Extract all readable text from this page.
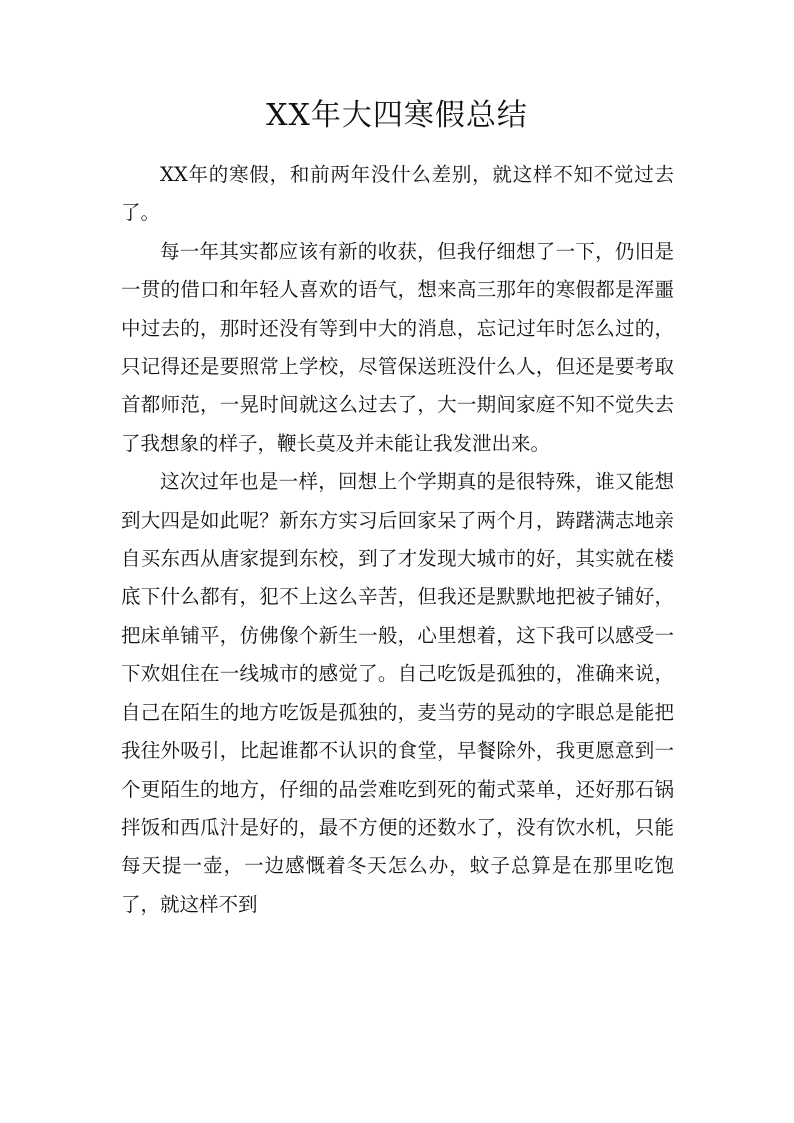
XX年大四寒假总结

XX年的寒假，和前两年没什么差别，就这样不知不觉过去了。

每一年其实都应该有新的收获，但我仔细想了一下，仍旧是一贯的借口和年轻人喜欢的语气，想来高三那年的寒假都是浑噩中过去的，那时还没有等到中大的消息，忘记过年时怎么过的，只记得还是要照常上学校，尽管保送班没什么人，但还是要考取首都师范，一晃时间就这么过去了，大一期间家庭不知不觉失去了我想象的样子，鞭长莫及并未能让我发泄出来。

这次过年也是一样，回想上个学期真的是很特殊，谁又能想到大四是如此呢？新东方实习后回家呆了两个月，踌躇满志地亲自买东西从唐家提到东校，到了才发现大城市的好，其实就在楼底下什么都有，犯不上这么辛苦，但我还是默默地把被子铺好，把床单铺平，仿佛像个新生一般，心里想着，这下我可以感受一下欢姐住在一线城市的感觉了。自己吃饭是孤独的，准确来说，自己在陌生的地方吃饭是孤独的，麦当劳的晃动的字眼总是能把我往外吸引，比起谁都不认识的食堂，早餐除外，我更愿意到一个更陌生的地方，仔细的品尝难吃到死的葡式菜单，还好那石锅拌饭和西瓜汁是好的，最不方便的还数水了，没有饮水机，只能每天提一壶，一边感慨着冬天怎么办，蚊子总算是在那里吃饱了，就这样不到
